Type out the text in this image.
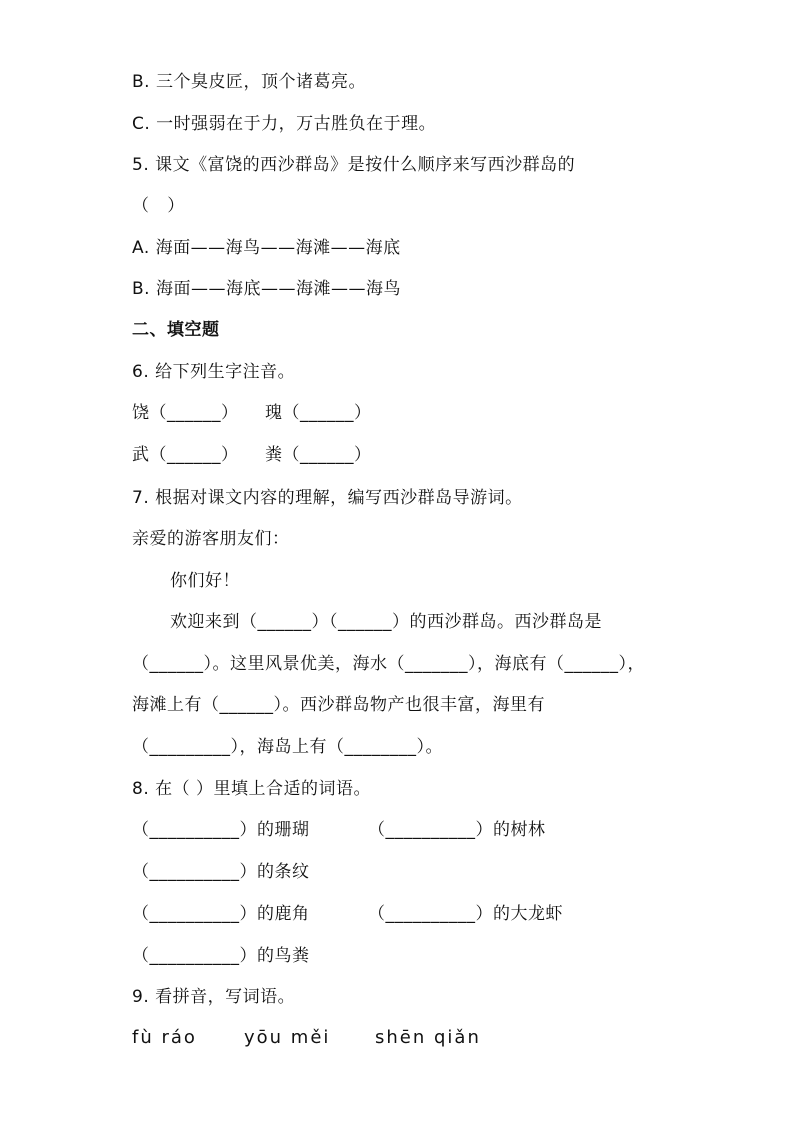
B. 三个臭皮匠，顶个诸葛亮。
C. 一时强弱在于力，万古胜负在于理。
5. 课文《富饶的西沙群岛》是按什么顺序来写西沙群岛的
（   ）
A. 海面——海鸟——海滩——海底
B. 海面——海底——海滩——海鸟
二、填空题
6. 给下列生字注音。
饶（______） 瑰（______）
武（______） 粪（______）
7. 根据对课文内容的理解，编写西沙群岛导游词。
亲爱的游客朋友们：
你们好！
欢迎来到（______）（______）的西沙群岛。西沙群岛是
（______）。这里风景优美，海水（_______），海底有（______），
海滩上有（______）。西沙群岛物产也很丰富，海里有
（_________），海岛上有（________）。
8. 在（ ）里填上合适的词语。
（__________）的珊瑚	（__________）的树林
（__________）的条纹
（__________）的鹿角	（__________）的大龙虾
（__________）的鸟粪
9. 看拼音，写词语。
fù ráo	yōu měi shēn qiǎn
